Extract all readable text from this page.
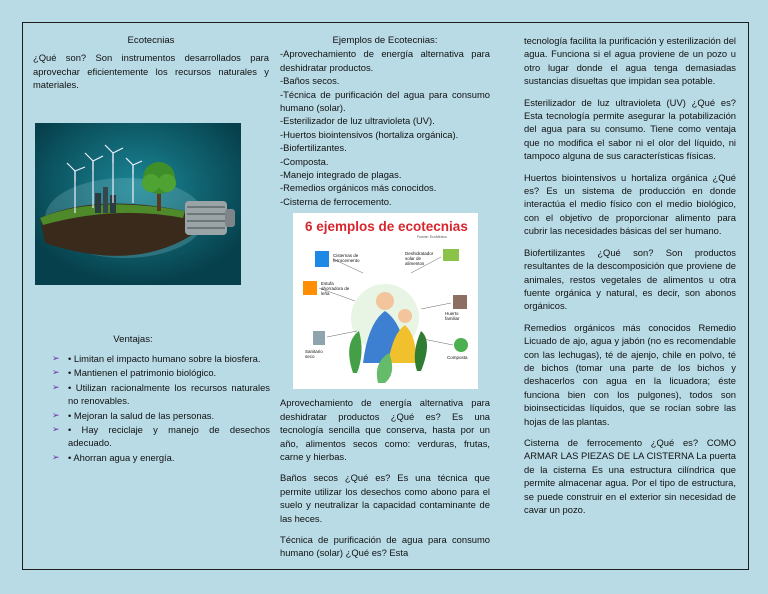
Ecotecnias

¿Qué son? Son instrumentos desarrollados para aprovechar eficientemente los recursos naturales y materiales.

Ventajas:
➢ • Limitan el impacto humano sobre la biosfera.
➢ • Mantienen el patrimonio biológico.
➢ • Utilizan racionalmente los recursos naturales no renovables.
➢ • Mejoran la salud de las personas.
➢ • Hay reciclaje y manejo de desechos adecuado.
➢ • Ahorran agua y energía.
Ejemplos de Ecotecnias:
-Aprovechamiento de energía alternativa para deshidratar productos.
-Baños secos.
-Técnica de purificación del agua para consumo humano (solar).
-Esterilizador de luz ultravioleta (UV).
-Huertos biointensivos (hortaliza orgánica).
-Biofertilizantes.
-Composta.
-Manejo integrado de plagas.
-Remedios orgánicos más conocidos.
-Cisterna de ferrocemento.

Aprovechamiento de energía alternativa para deshidratar productos ¿Qué es? Es una tecnología sencilla que conserva, hasta por un año, alimentos secos como: verduras, frutas, carne y hierbas.

Baños secos ¿Qué es? Es una técnica que permite utilizar los desechos como abono para el suelo y neutralizar la capacidad contaminante de las heces.

Técnica de purificación de agua para consumo humano (solar) ¿Qué es? Esta

6 ejemplos de ecotecnias
Fuente: EcoMéxico
Cisternas de ferrocemento
Deshidratador solar de alimentos
Estufa ahorradora de leña
Huerto familiar
Sanitario seco	Composta

tecnología facilita la purificación y esterilización del agua. Funciona si el agua proviene de un pozo u otro lugar donde el agua tenga demasiadas sustancias disueltas que impidan sea potable.

Esterilizador de luz ultravioleta (UV) ¿Qué es? Esta tecnología permite asegurar la potabilización del agua para su consumo. Tiene como ventaja que no modifica el sabor ni el olor del líquido, ni tampoco alguna de sus características físicas.

Huertos biointensivos u hortaliza orgánica ¿Qué es? Es un sistema de producción en donde interactúa el medio físico con el medio biológico, con el objetivo de proporcionar alimento para cubrir las necesidades básicas del ser humano.

Biofertilizantes ¿Qué son? Son productos resultantes de la descomposición que proviene de animales, restos vegetales de alimentos u otra fuente orgánica y natural, es decir, son abonos orgánicos.

Remedios orgánicos más conocidos Remedio Licuado de ajo, agua y jabón (no es recomendable con las lechugas), té de ajenjo, chile en polvo, té de bichos (tomar una parte de los bichos y deshacerlos con agua en la licuadora; éste funciona bien con los pulgones), todos son bioinsecticidas líquidos, que se rocían sobre las hojas de las plantas.

Cisterna de ferrocemento ¿Qué es? COMO ARMAR LAS PIEZAS DE LA CISTERNA La puerta de la cisterna Es una estructura cilíndrica que permite almacenar agua. Por el tipo de estructura, se puede construir en el exterior sin necesidad de cavar un pozo.
